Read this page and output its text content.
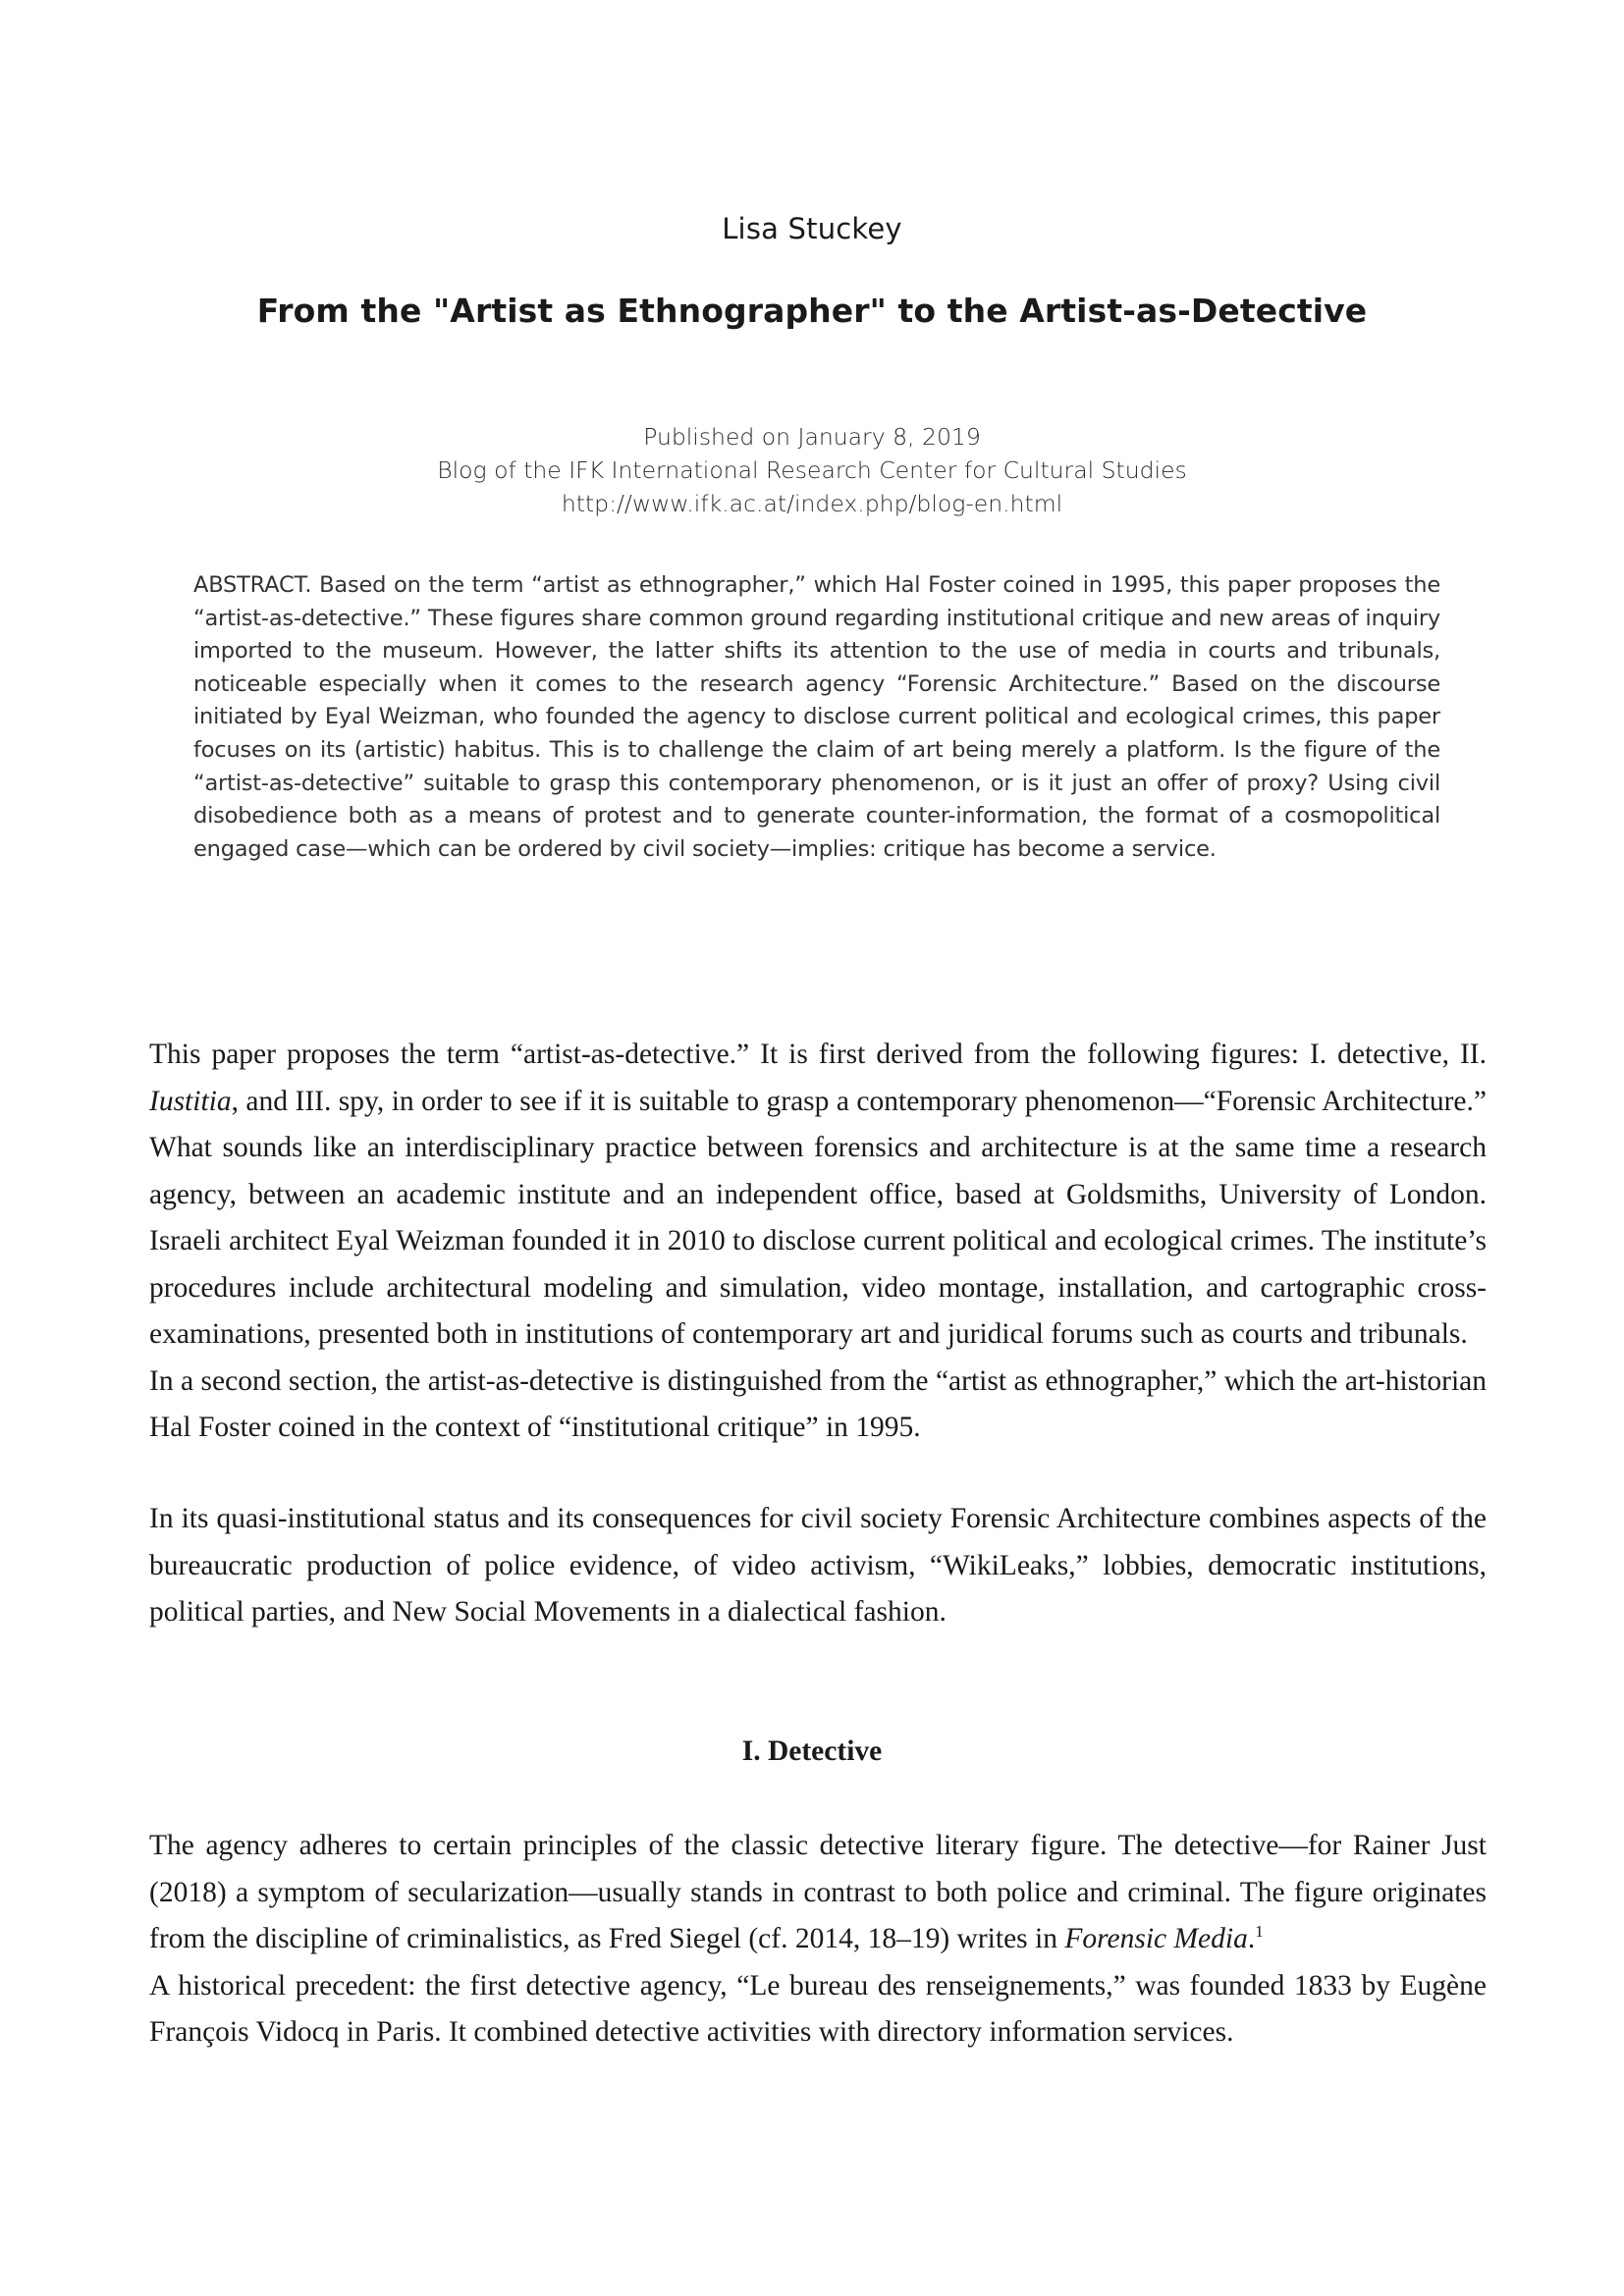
Lisa Stuckey
From the "Artist as Ethnographer" to the Artist-as-Detective
Published on January 8, 2019
Blog of the IFK International Research Center for Cultural Studies
http://www.ifk.ac.at/index.php/blog-en.html

ABSTRACT. Based on the term “artist as ethnographer,” which Hal Foster coined in 1995, this paper proposes the “artist-as-detective.” These figures share common ground regarding institutional critique and new areas of inquiry imported to the museum. However, the latter shifts its attention to the use of media in courts and tribunals, noticeable especially when it comes to the research agency “Forensic Architecture.” Based on the discourse initiated by Eyal Weizman, who founded the agency to disclose current political and ecological crimes, this paper focuses on its (artistic) habitus. This is to challenge the claim of art being merely a platform. Is the figure of the “artist-as-detective” suitable to grasp this contemporary phenomenon, or is it just an offer of proxy? Using civil disobedience both as a means of protest and to generate counter-information, the format of a cosmopolitical engaged case—which can be ordered by civil society—implies: critique has become a service.

This paper proposes the term “artist-as-detective.” It is first derived from the following figures: I. detective, II. Iustitia, and III. spy, in order to see if it is suitable to grasp a contemporary phenomenon—“Forensic Architecture.” What sounds like an interdisciplinary practice between forensics and architecture is at the same time a research agency, between an academic institute and an independent office, based at Goldsmiths, University of London. Israeli architect Eyal Weizman founded it in 2010 to disclose current political and ecological crimes. The institute’s procedures include architectural modeling and simulation, video montage, installation, and cartographic cross-examinations, presented both in institutions of contemporary art and juridical forums such as courts and tribunals.
In a second section, the artist-as-detective is distinguished from the “artist as ethnographer,” which the art-historian Hal Foster coined in the context of “institutional critique” in 1995.

In its quasi-institutional status and its consequences for civil society Forensic Architecture combines aspects of the bureaucratic production of police evidence, of video activism, “WikiLeaks,” lobbies, democratic institutions, political parties, and New Social Movements in a dialectical fashion.

I. Detective

The agency adheres to certain principles of the classic detective literary figure. The detective—for Rainer Just (2018) a symptom of secularization—usually stands in contrast to both police and criminal. The figure originates from the discipline of criminalistics, as Fred Siegel (cf. 2014, 18–19) writes in Forensic Media.$^1$
A historical precedent: the first detective agency, “Le bureau des renseignements,” was founded 1833 by Eugène François Vidocq in Paris. It combined detective activities with directory information services.
